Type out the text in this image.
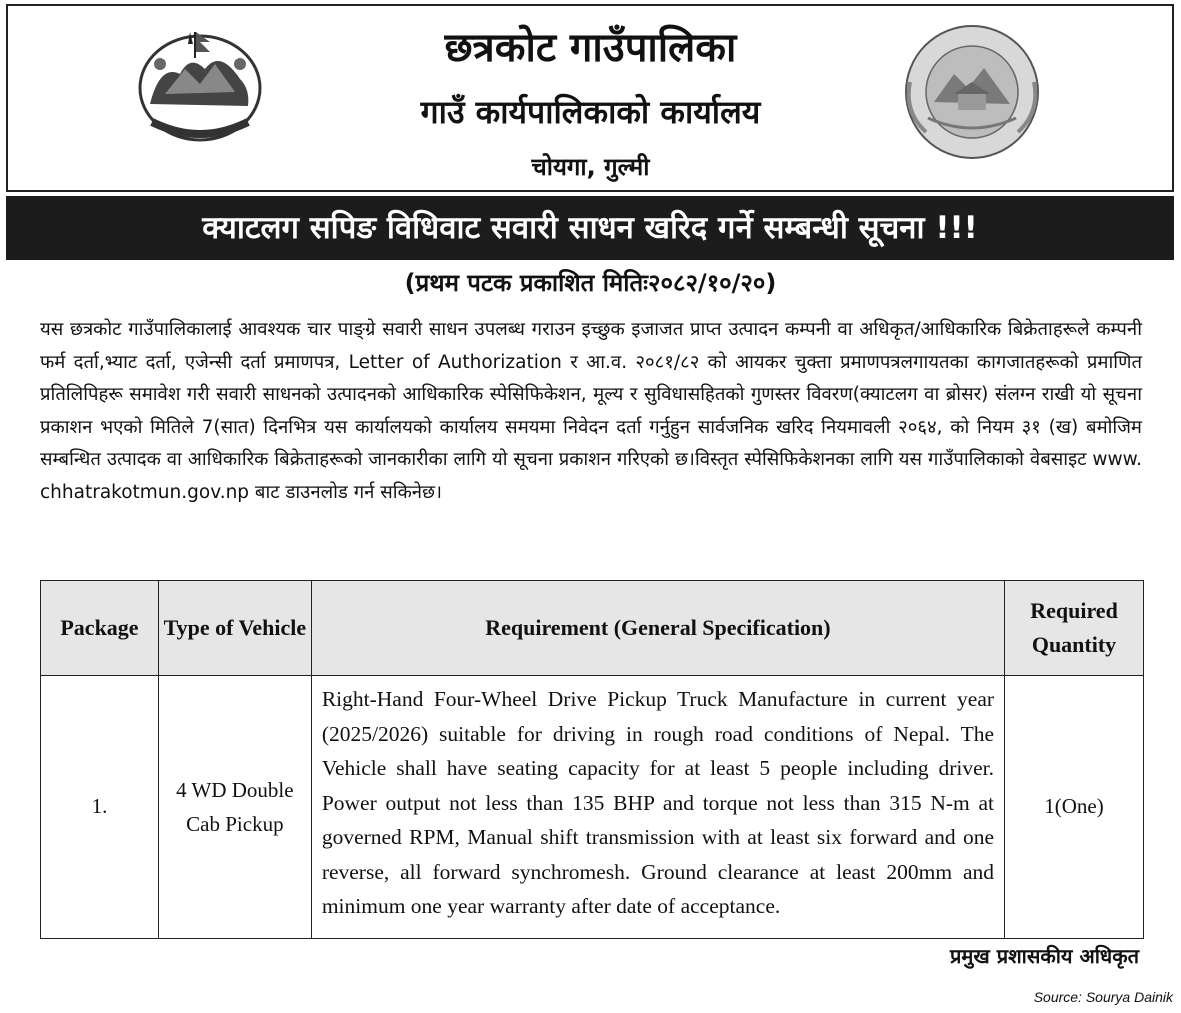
छत्रकोट गाउँपालिका
गाउँ कार्यपालिकाको कार्यालय
चोयगा, गुल्मी
क्याटलग सपिङ विधिवाट सवारी साधन खरिद गर्ने सम्बन्धी सूचना !!!
(प्रथम पटक प्रकाशित मितिः२०८२/१०/२०)
यस छत्रकोट गाउँपालिकालाई आवश्यक चार पाङ्ग्रे सवारी साधन उपलब्ध गराउन इच्छुक इजाजत प्राप्त उत्पादन कम्पनी वा अधिकृत/आधिकारिक बिक्रेताहरूले कम्पनी फर्म दर्ता,भ्याट दर्ता, एजेन्सी दर्ता प्रमाणपत्र, Letter of Authorization र आ.व. २०८१/८२ को आयकर चुक्ता प्रमाणपत्रलगायतका कागजातहरूको प्रमाणित प्रतिलिपिहरू समावेश गरी सवारी साधनको उत्पादनको आधिकारिक स्पेसिफिकेशन, मूल्य र सुविधासहितको गुणस्तर विवरण(क्याटलग वा ब्रोसर) संलग्न राखी यो सूचना प्रकाशन भएको मितिले 7(सात) दिनभित्र यस कार्यालयको कार्यालय समयमा निवेदन दर्ता गर्नुहुन सार्वजनिक खरिद नियमावली २०६४, को नियम ३१ (ख) बमोजिम सम्बन्धित उत्पादक वा आधिकारिक बिक्रेताहरूको जानकारीका लागि यो सूचना प्रकाशन गरिएको छ।विस्तृत स्पेसिफिकेशनका लागि यस गाउँपालिकाको वेबसाइट www. chhatrakotmun.gov.np बाट डाउनलोड गर्न सकिनेछ।
Package	Type of Vehicle	Requirement (General Specification)	Required Quantity
1.	4 WD Double Cab Pickup	Right-Hand Four-Wheel Drive Pickup Truck Manufacture in current year (2025/2026) suitable for driving in rough road conditions of Nepal. The Vehicle shall have seating capacity for at least 5 people including driver. Power output not less than 135 BHP and torque not less than 315 N-m at governed RPM, Manual shift transmission with at least six forward and one reverse, all forward synchromesh. Ground clearance at least 200mm and minimum one year warranty after date of acceptance.	1(One)
प्रमुख प्रशासकीय अधिकृत
Source: Sourya Dainik
